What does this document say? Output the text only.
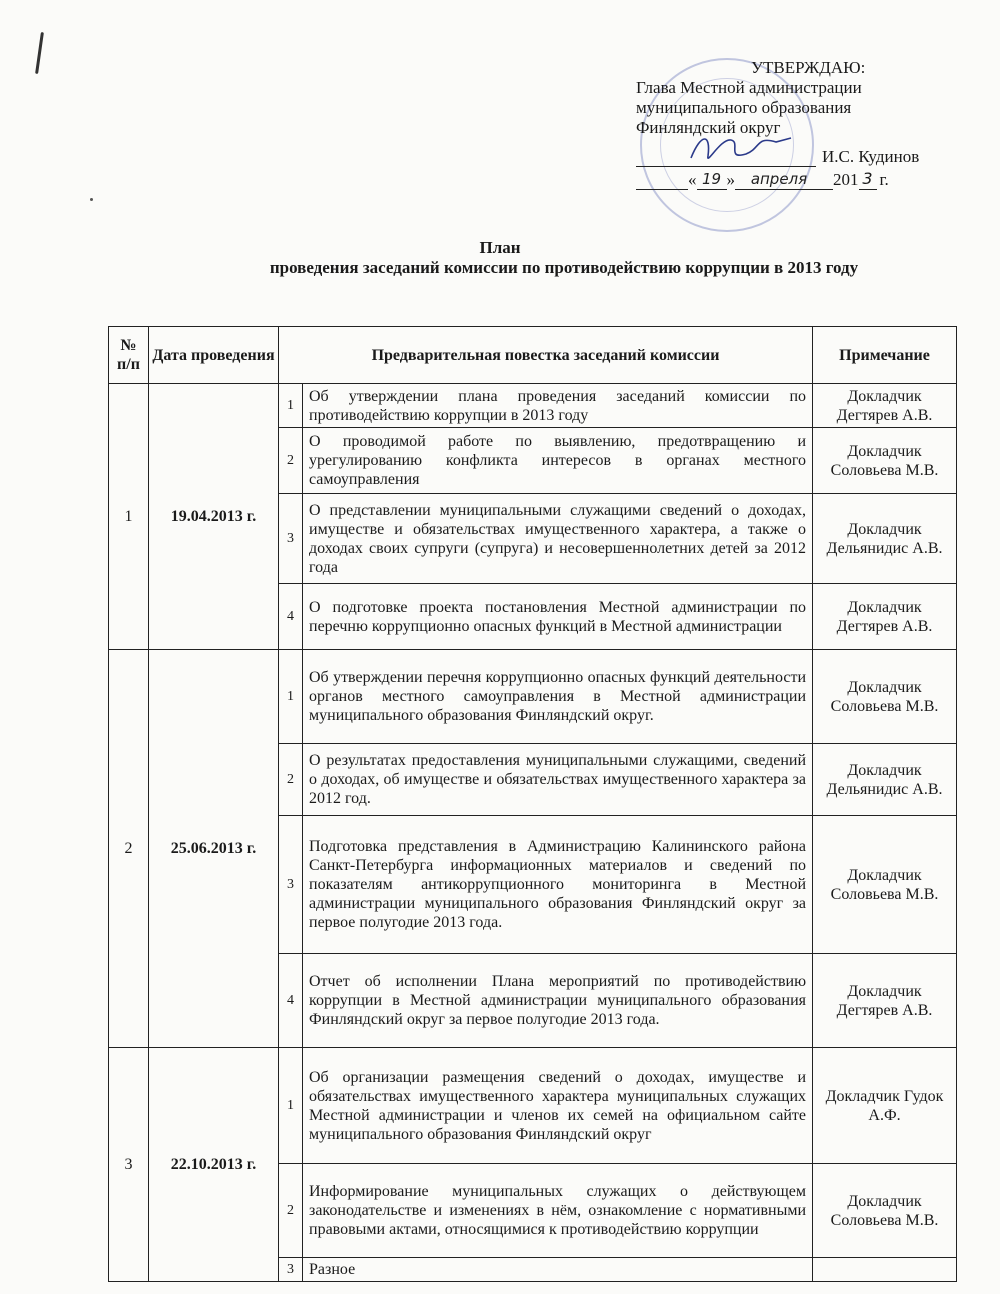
УТВЕРЖДАЮ:
Глава Местной администрации
муниципального образования
Финляндский округ
И.С. Кудинов
« 19 »	апреля	201 3 г.
План
проведения заседаний комисcии по противодействию коррупции в 2013 году
№ п/п	Дата проведения	Предварительная повестка заседаний комиссии		Примечание
1	19.04.2013 г.	1	Об утверждении плана проведения заседаний комиссии по противодействию коррупции в 2013 году	Докладчик Дегтярев А.В.
		2	О проводимой работе по выявлению, предотвращению и урегулированию конфликта интересов в органах местного самоуправления	Докладчик Соловьева М.В.
		3	О представлении муниципальными служащими сведений о доходах, имуществе и обязательствах имущественного характера, а также о доходах своих супруги (супруга) и несовершеннолетних детей за 2012 года	Докладчик Дельянидис А.В.
		4	О подготовке проекта постановления Местной администрации по перечню коррупционно опасных функций в Местной администрации	Докладчик Дегтярев А.В.
2	25.06.2013 г.	1	Об утверждении перечня коррупционно опасных функций деятельности органов местного самоуправления в Местной администрации муниципального образования Финляндский округ.	Докладчик Соловьева М.В.
		2	О результатах предоставления муниципальными служащими, сведений о доходах, об имуществе и обязательствах имущественного характера за 2012 год.	Докладчик Дельянидис А.В.
		3	Подготовка представления в Администрацию Калининского района Санкт-Петербурга информационных материалов и сведений по показателям антикоррупционного мониторинга в Местной администрации муниципального образования Финляндский округ за первое полугодие 2013 года.	Докладчик Соловьева М.В.
		4	Отчет об исполнении Плана мероприятий по противодействию коррупции в Местной администрации муниципального образования Финляндский округ за первое полугодие 2013 года.	Докладчик Дегтярев А.В.
3	22.10.2013 г.	1	Об организации размещения сведений о доходах, имуществе и обязательствах имущественного характера муниципальных служащих Местной администрации и членов их семей на официальном сайте муниципального образования Финляндский округ	Докладчик Гудок А.Ф.
		2	Информирование муниципальных служащих о действующем законодательстве и изменениях в нём, ознакомление с нормативными правовыми актами, относящимися к противодействию коррупции	Докладчик Соловьева М.В.
		3	Разное	
